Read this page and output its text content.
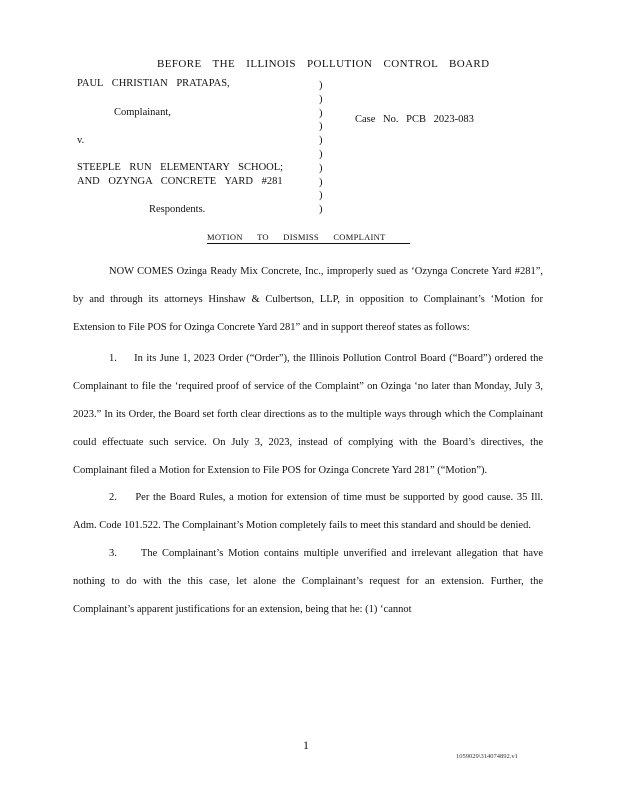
BEFORE THE ILLINOIS POLLUTION CONTROL BOARD
PAUL CHRISTIAN PRATAPAS,
Complainant,
v.
STEEPLE RUN ELEMENTARY SCHOOL;
AND OZYNGA CONCRETE YARD #281
Respondents.
)
)
)
)
)
)
)
)
)
)
Case No. PCB 2023-083
MOTION TO DISMISS COMPLAINT

NOW COMES Ozinga Ready Mix Concrete, Inc., improperly sued as ‘Ozynga Concrete Yard #281”, by and through its attorneys Hinshaw & Culbertson, LLP, in opposition to Complainant’s ‘Motion for Extension to File POS for Ozinga Concrete Yard 281” and in support thereof states as follows:

1. In its June 1, 2023 Order (“Order”), the Illinois Pollution Control Board (“Board”) ordered the Complainant to file the ‘required proof of service of the Complaint” on Ozinga ‘no later than Monday, July 3, 2023.” In its Order, the Board set forth clear directions as to the multiple ways through which the Complainant could effectuate such service. On July 3, 2023, instead of complying with the Board’s directives, the Complainant filed a Motion for Extension to File POS for Ozinga Concrete Yard 281” (“Motion”).

2. Per the Board Rules, a motion for extension of time must be supported by good cause. 35 Ill. Adm. Code 101.522. The Complainant’s Motion completely fails to meet this standard and should be denied.

3. The Complainant’s Motion contains multiple unverified and irrelevant allegation that have nothing to do with the this case, let alone the Complainant’s request for an extension. Further, the Complainant’s apparent justifications for an extension, being that he: (1) ‘cannot

1
1059029\314074892.v1
